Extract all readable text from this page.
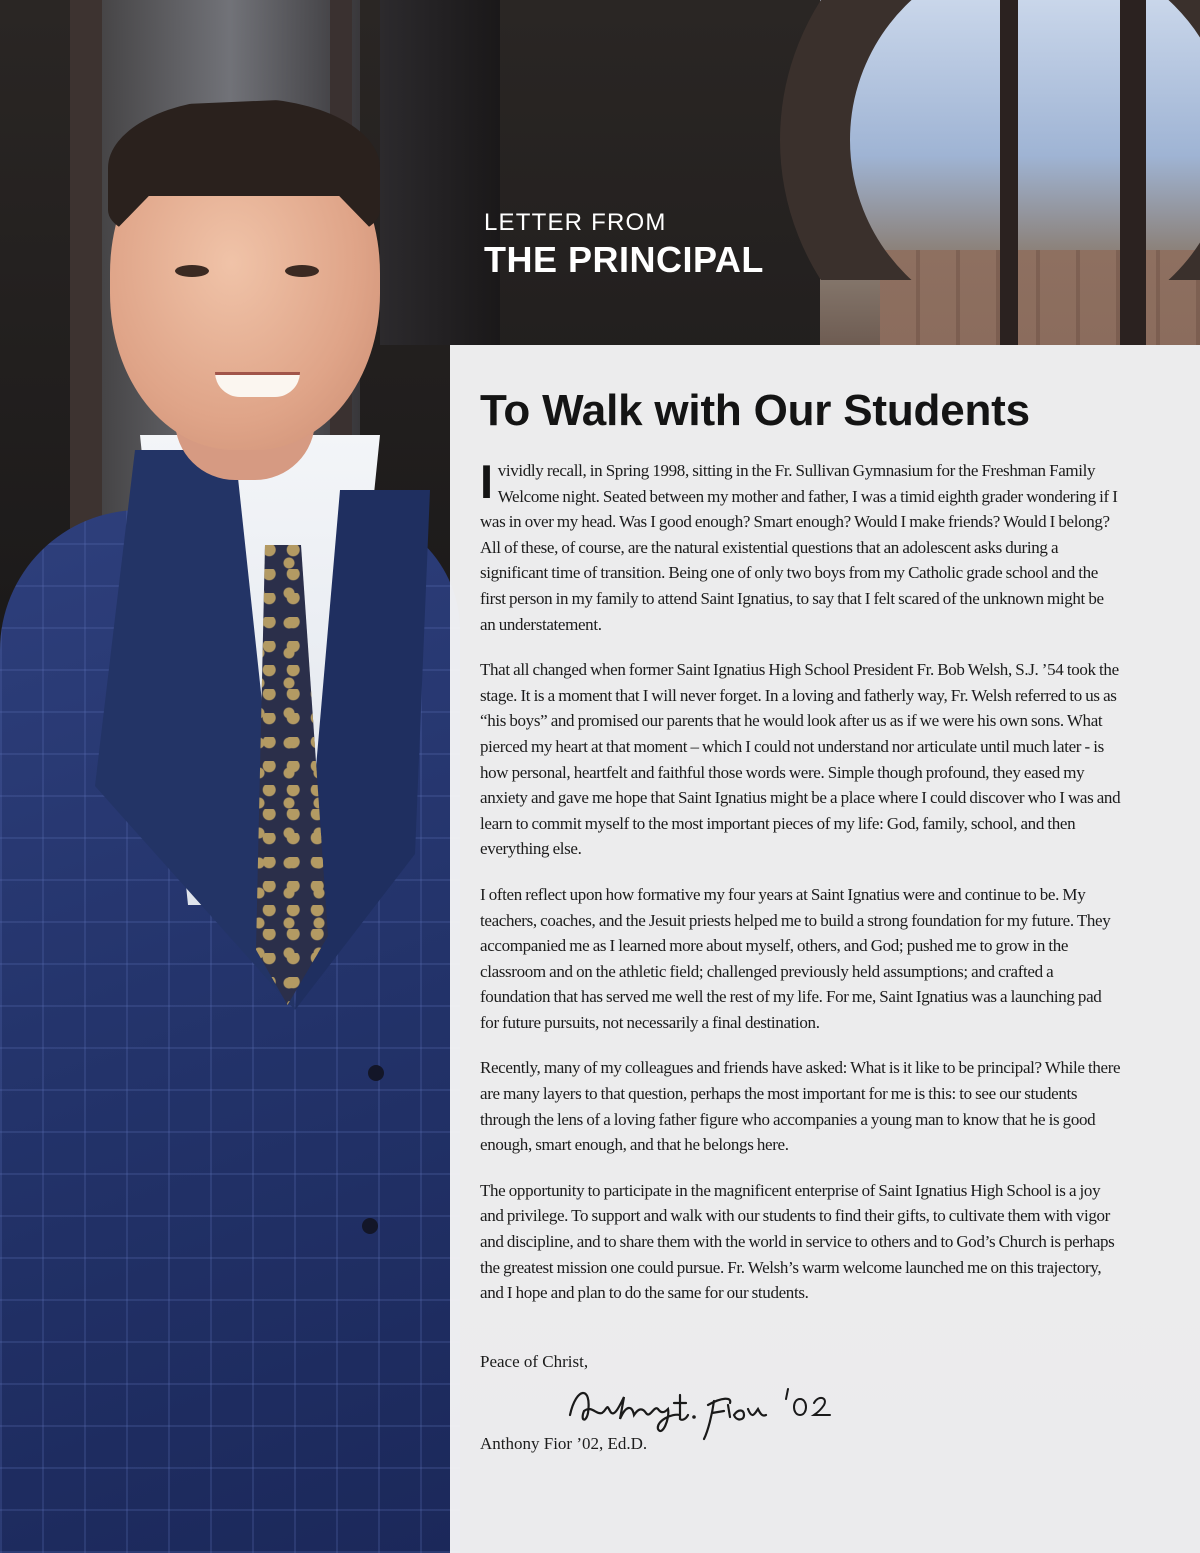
LETTER FROM
THE PRINCIPAL
To Walk with Our Students

Ivividly recall, in Spring 1998, sitting in the Fr. Sullivan Gymnasium for the Freshman Family Welcome night. Seated between my mother and father, I was a timid eighth grader wondering if I was in over my head. Was I good enough? Smart enough? Would I make friends? Would I belong? All of these, of course, are the natural existential questions that an adolescent asks during a significant time of transition. Being one of only two boys from my Catholic grade school and the first person in my family to attend Saint Ignatius, to say that I felt scared of the unknown might be an understatement.

That all changed when former Saint Ignatius High School President Fr. Bob Welsh, S.J. ’54 took the stage. It is a moment that I will never forget. In a loving and fatherly way, Fr. Welsh referred to us as “his boys” and promised our parents that he would look after us as if we were his own sons. What pierced my heart at that moment – which I could not understand nor articulate until much later - is how personal, heartfelt and faithful those words were. Simple though profound, they eased my anxiety and gave me hope that Saint Ignatius might be a place where I could discover who I was and learn to commit myself to the most important pieces of my life: God, family, school, and then everything else.

I often reflect upon how formative my four years at Saint Ignatius were and continue to be. My teachers, coaches, and the Jesuit priests helped me to build a strong foundation for my future. They accompanied me as I learned more about myself, others, and God; pushed me to grow in the classroom and on the athletic field; challenged previously held assumptions; and crafted a foundation that has served me well the rest of my life. For me, Saint Ignatius was a launching pad for future pursuits, not necessarily a final destination.

Recently, many of my colleagues and friends have asked: What is it like to be principal? While there are many layers to that question, perhaps the most important for me is this: to see our students through the lens of a loving father figure who accompanies a young man to know that he is good enough, smart enough, and that he belongs here.

The opportunity to participate in the magnificent enterprise of Saint Ignatius High School is a joy and privilege. To support and walk with our students to find their gifts, to cultivate them with vigor and discipline, and to share them with the world in service to others and to God’s Church is perhaps the greatest mission one could pursue. Fr. Welsh’s warm welcome launched me on this trajectory, and I hope and plan to do the same for our students.

Peace of Christ,
Anthony Fior ’02, Ed.D.
